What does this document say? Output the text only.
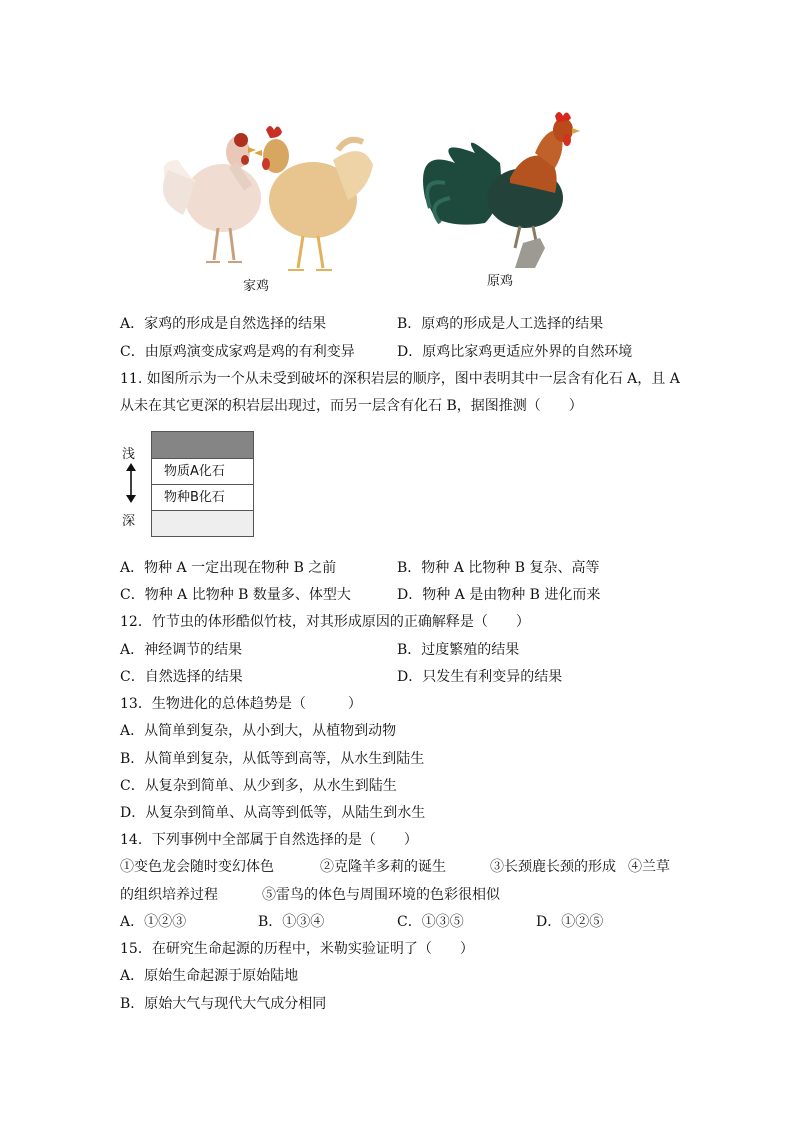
家鸡	原鸡
A．家鸡的形成是自然选择的结果	B．原鸡的形成是人工选择的结果
C．由原鸡演变成家鸡是鸡的有利变异	D．原鸡比家鸡更适应外界的自然环境
11. 如图所示为一个从未受到破坏的深积岩层的顺序，图中表明其中一层含有化石 A，且 A
从未在其它更深的积岩层出现过，而另一层含有化石 B，据图推测（　　）
浅
深
物质A化石
物种B化石
A．物种 A 一定出现在物种 B 之前	B．物种 A 比物种 B 复杂、高等
C．物种 A 比物种 B 数量多、体型大	D．物种 A 是由物种 B 进化而来
12．竹节虫的体形酷似竹枝，对其形成原因的正确解释是（　　）
A．神经调节的结果	B．过度繁殖的结果
C．自然选择的结果	D．只发生有利变异的结果
13．生物进化的总体趋势是（　　　）
A．从简单到复杂，从小到大，从植物到动物
B．从简单到复杂，从低等到高等，从水生到陆生
C．从复杂到简单、从少到多，从水生到陆生
D．从复杂到简单、从高等到低等，从陆生到水生
14．下列事例中全部属于自然选择的是（　　）
①变色龙会随时变幻体色	②克隆羊多莉的诞生	③长颈鹿长颈的形成 ④兰草
的组织培养过程	⑤雷鸟的体色与周围环境的色彩很相似
A．①②③	B．①③④	C．①③⑤	D．①②⑤
15．在研究生命起源的历程中，米勒实验证明了（　　）
A．原始生命起源于原始陆地
B．原始大气与现代大气成分相同
